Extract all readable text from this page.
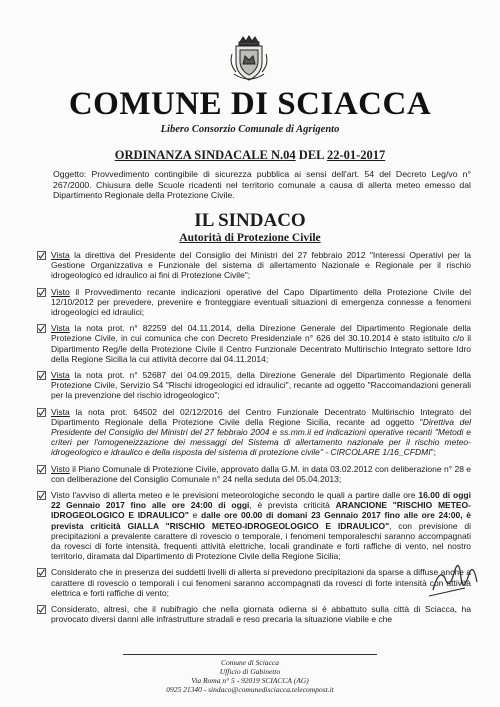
COMUNE DI SCIACCA
Libero Consorzio Comunale di Agrigento
ORDINANZA SINDACALE N.04 DEL 22-01-2017
Oggetto: Provvedimento contingibile di sicurezza pubblica ai sensi dell'art. 54 del Decreto Leg/vo n° 267/2000. Chiusura delle Scuole ricadenti nel territorio comunale a causa di allerta meteo emesso dal Dipartimento Regionale della Protezione Civile.
IL SINDACO
Autorità di Protezione Civile
Vista la direttiva del Presidente del Consiglio dei Ministri del 27 febbraio 2012 "Interessi Operativi per la Gestione Organizzativa e Funzionale del sistema di allertamento Nazionale e Regionale per il rischio idrogeologico ed idraulico ai fini di Protezione Civile";
Visto il Provvedimento recante indicazioni operative del Capo Dipartimento della Protezione Civile del 12/10/2012 per prevedere, prevenire e fronteggiare eventuali situazioni di emergenza connesse a fenomeni idrogeologici ed idraulici;
Vista la nota prot. n° 82259 del 04.11.2014, della Direzione Generale del Dipartimento Regionale della Protezione Civile, in cui comunica che con Decreto Presidenziale n° 626 del 30.10.2014 è stato istituito c/o il Dipartimento Reg/le della Protezione Civile il Centro Funzionale Decentrato Multirischio Integrato settore Idro della Regione Sicilia la cui attività decorre dal 04.11.2014;
Vista la nota prot. n° 52687 del 04.09.2015, della Direzione Generale del Dipartimento Regionale della Protezione Civile, Servizio S4 "Rischi idrogeologici ed idraulici", recante ad oggetto "Raccomandazioni generali per la prevenzione del rischio idrogeologico";
Vista la nota prot. 64502 del 02/12/2016 del Centro Funzionale Decentrato Multirischio Integrato del Dipartimento Regionale della Protezione Civile della Regione Sicilia, recante ad oggetto "Direttiva del Presidente del Consiglio dei Ministri del 27 febbraio 2004 e ss.mm.ii ed indicazioni operative recanti "Metodi e criteri per l'omogeneizzazione dei messaggi del Sistema di allertamento nazionale per il rischio meteo-idrogeologico e idraulico e della risposta del sistema di protezione civile" - CIRCOLARE 1/16_CFDMI";
Visto il Piano Comunale di Protezione Civile, approvato dalla G.M. in data 03.02.2012 con deliberazione n° 28 e con deliberazione del Consiglio Comunale n° 24 nella seduta del 05.04.2013;
Visto l'avviso di allerta meteo e le previsioni meteorologiche secondo le quali a partire dalle ore 16.00 di oggi 22 Gennaio 2017 fino alle ore 24:00 di oggi, è prevista criticità ARANCIONE "RISCHIO METEO-IDROGEOLOGICO E IDRAULICO" e dalle ore 00.00 di domani 23 Gennaio 2017 fino alle ore 24:00, è prevista criticità GIALLA "RISCHIO METEO-IDROGEOLOGICO E IDRAULICO", con previsione di precipitazioni a prevalente carattere di rovescio o temporale, i fenomeni temporaleschi saranno accompagnati da rovesci di forte intensità, frequenti attività elettriche, locali grandinate e forti raffiche di vento, nel nostro territorio, diramata dal Dipartimento di Protezione Civile della Regione Sicilia;
Considerato che in presenza dei suddetti livelli di allerta si prevedono precipitazioni da sparse a diffuse anche a carattere di rovescio o temporali i cui fenomeni saranno accompagnati da rovesci di forte intensità con attività elettrica e forti raffiche di vento;
Considerato, altresì, che il nubifragio che nella giornata odierna si è abbattuto sulla città di Sciacca, ha provocato diversi danni alle infrastrutture stradali e reso precaria la situazione viabile e che
Comune di Sciacca
Ufficio di Gabinetto
Via Roma n° 5 - 92019 SCIACCA (AG)
0925 21340 - sindaco@comunedisciacca.telecompost.it
